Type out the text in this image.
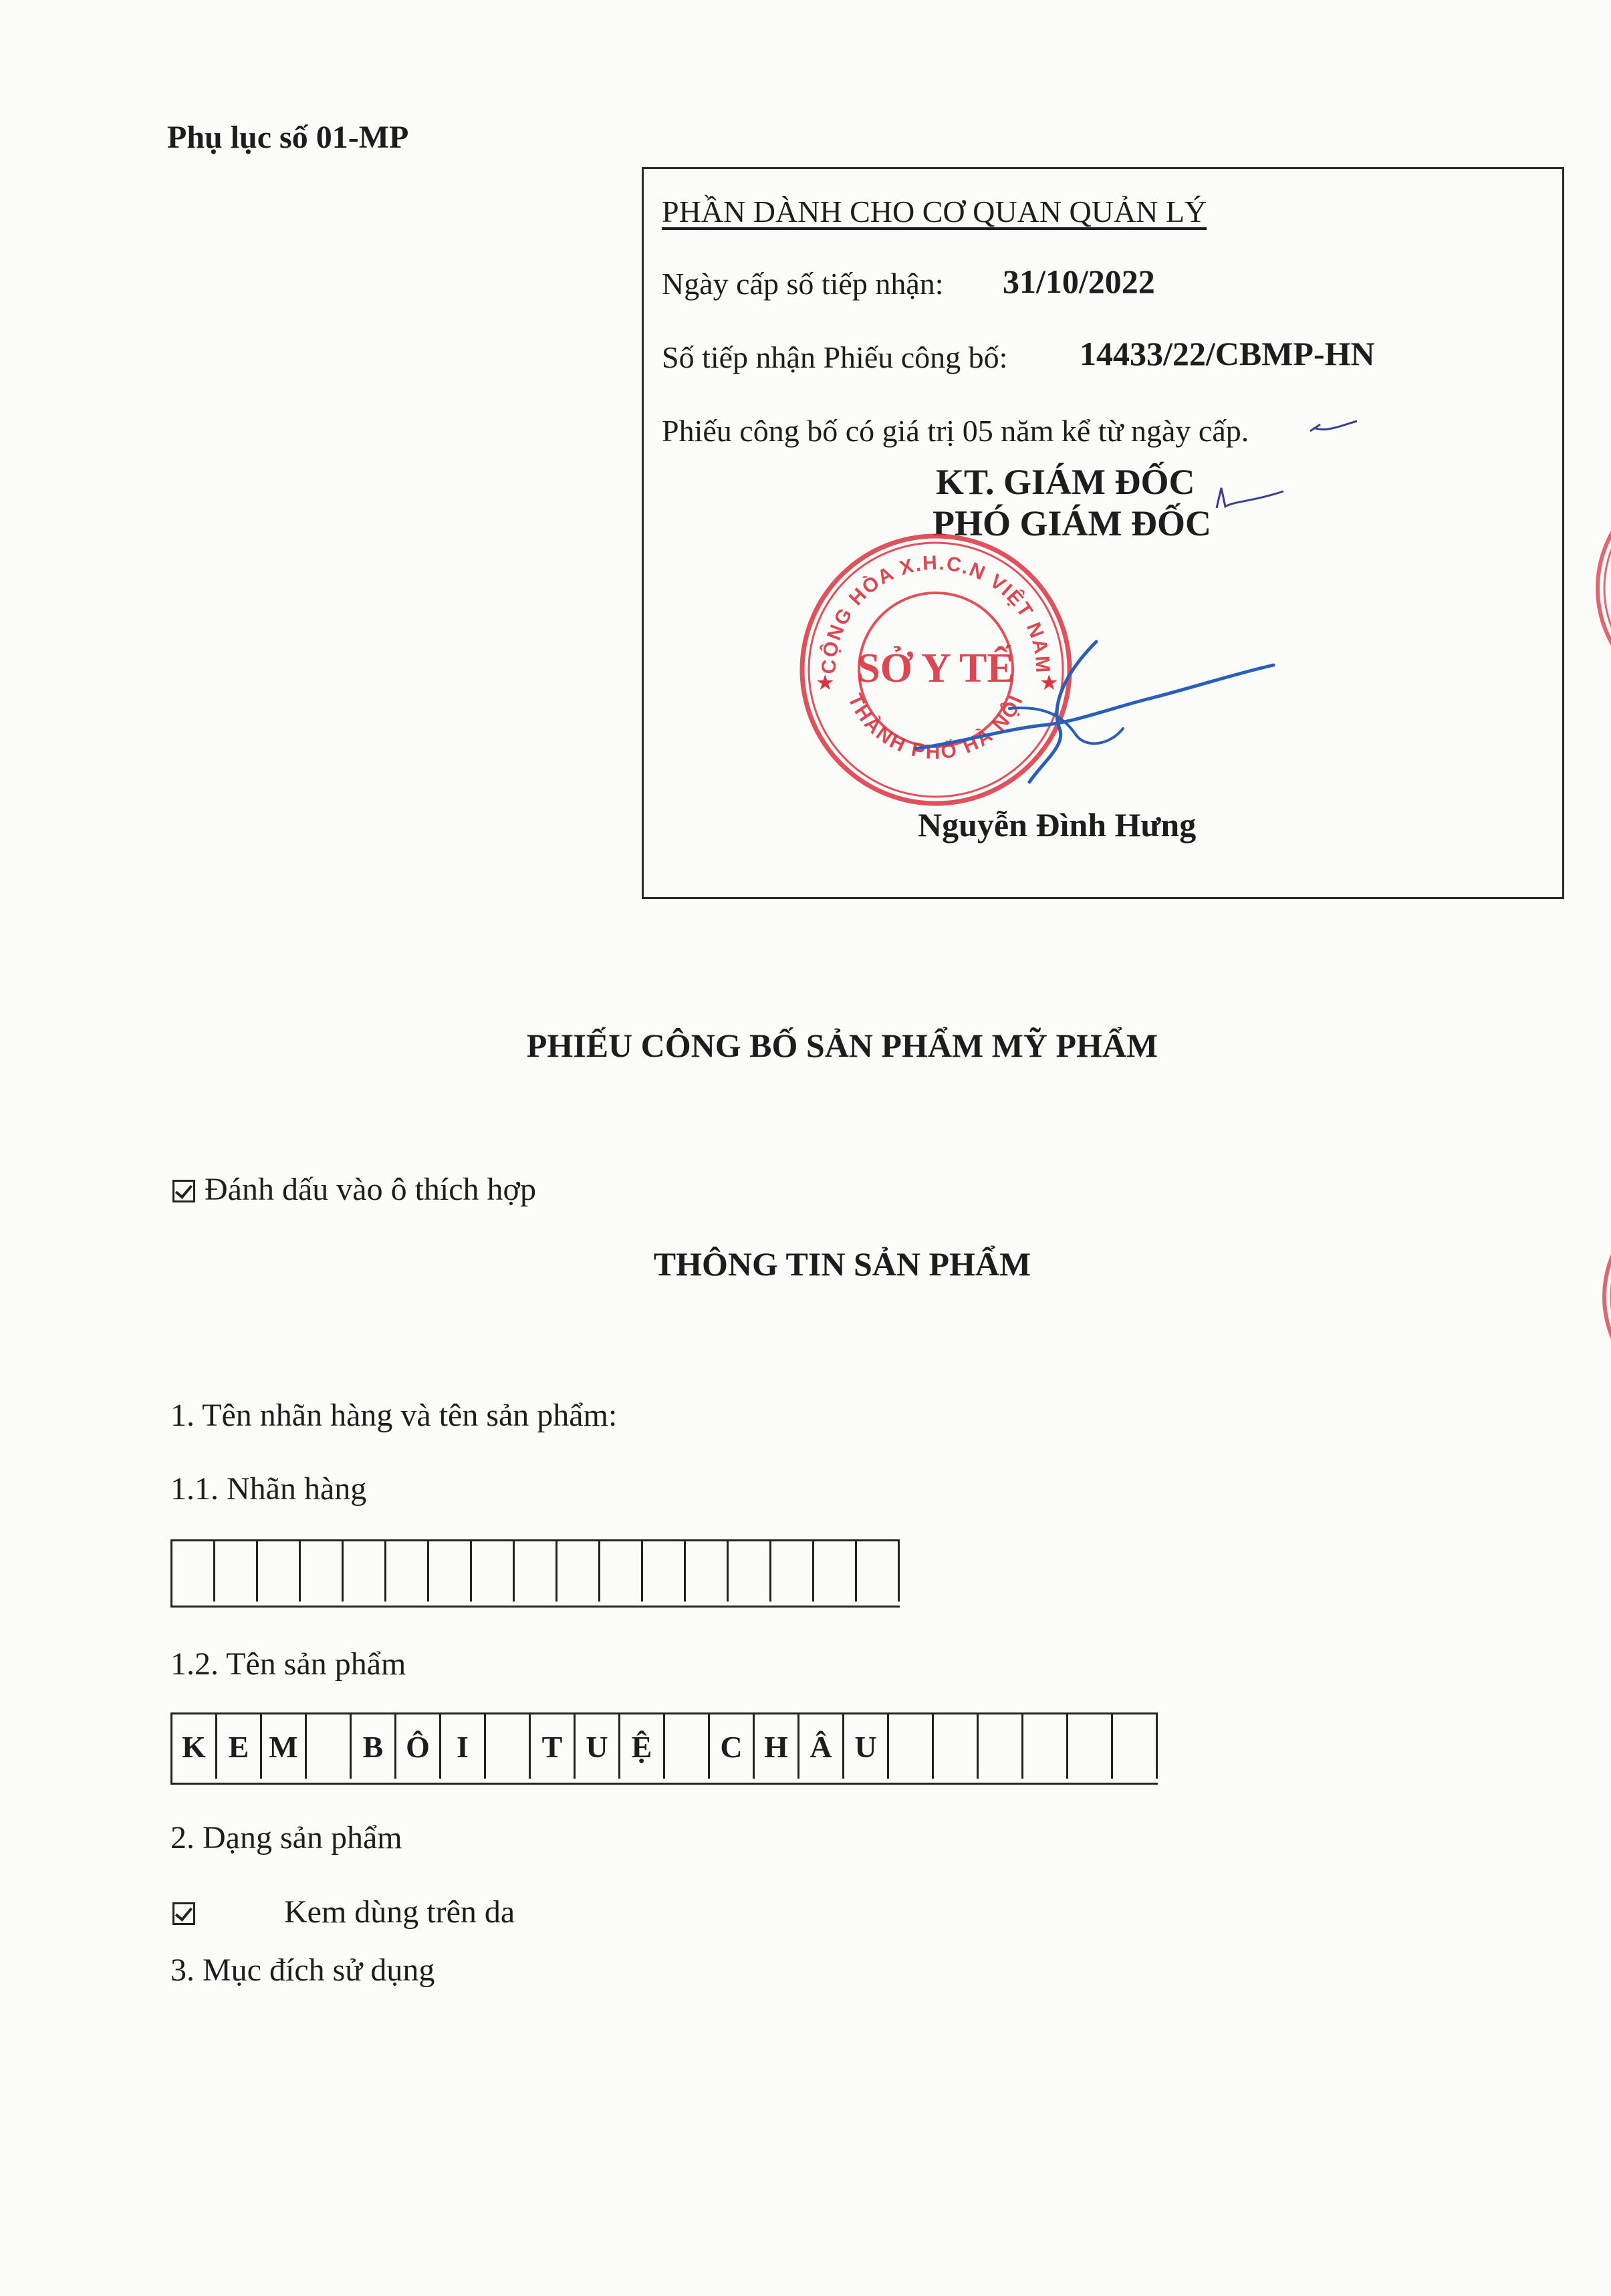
Phụ lục số 01-MP
PHẦN DÀNH CHO CƠ QUAN QUẢN LÝ
Ngày cấp số tiếp nhận: 31/10/2022
Số tiếp nhận Phiếu công bố: 14433/22/CBMP-HN
Phiếu công bố có giá trị 05 năm kể từ ngày cấp.
KT. GIÁM ĐỐC
PHÓ GIÁM ĐỐC
CỘNG HÒA X.H.C.N VIỆT NAM
THÀNH PHỐ HÀ NỘI
SỞ Y TẾ
★	★
Nguyễn Đình Hưng
PHIẾU CÔNG BỐ SẢN PHẨM MỸ PHẨM
Đánh dấu vào ô thích hợp
THÔNG TIN SẢN PHẨM
1. Tên nhãn hàng và tên sản phẩm:
1.1. Nhãn hàng
1.2. Tên sản phẩm
K E M	B Ô I	T U Ệ	C H Â U
2. Dạng sản phẩm
Kem dùng trên da
3. Mục đích sử dụng
